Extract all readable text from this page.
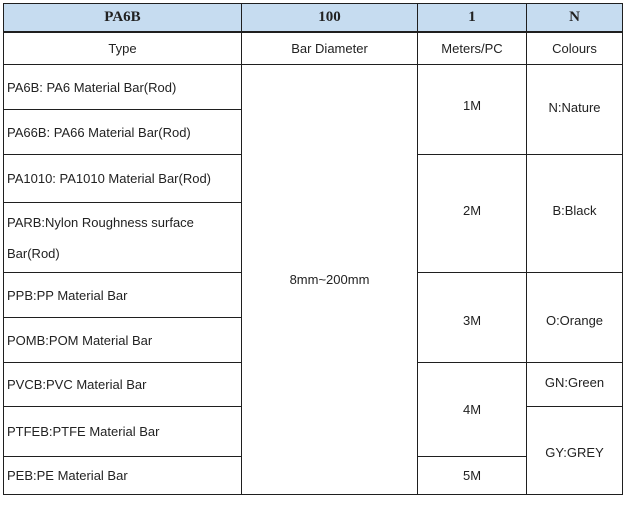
PA6B	100	1	N
Type	Bar Diameter	Meters/PC	Colours
PA6B: PA6 Material Bar(Rod)	8mm~200mm	1M	N:Nature
PA66B: PA66 Material Bar(Rod)			
PA1010: PA1010 Material Bar(Rod)		2M	B:Black
PARB:Nylon Roughness surface Bar(Rod)			
PPB:PP Material Bar		3M	O:Orange
POMB:POM Material Bar			
PVCB:PVC Material Bar		4M	GN:Green
PTFEB:PTFE Material Bar			GY:GREY
PEB:PE Material Bar		5M	
